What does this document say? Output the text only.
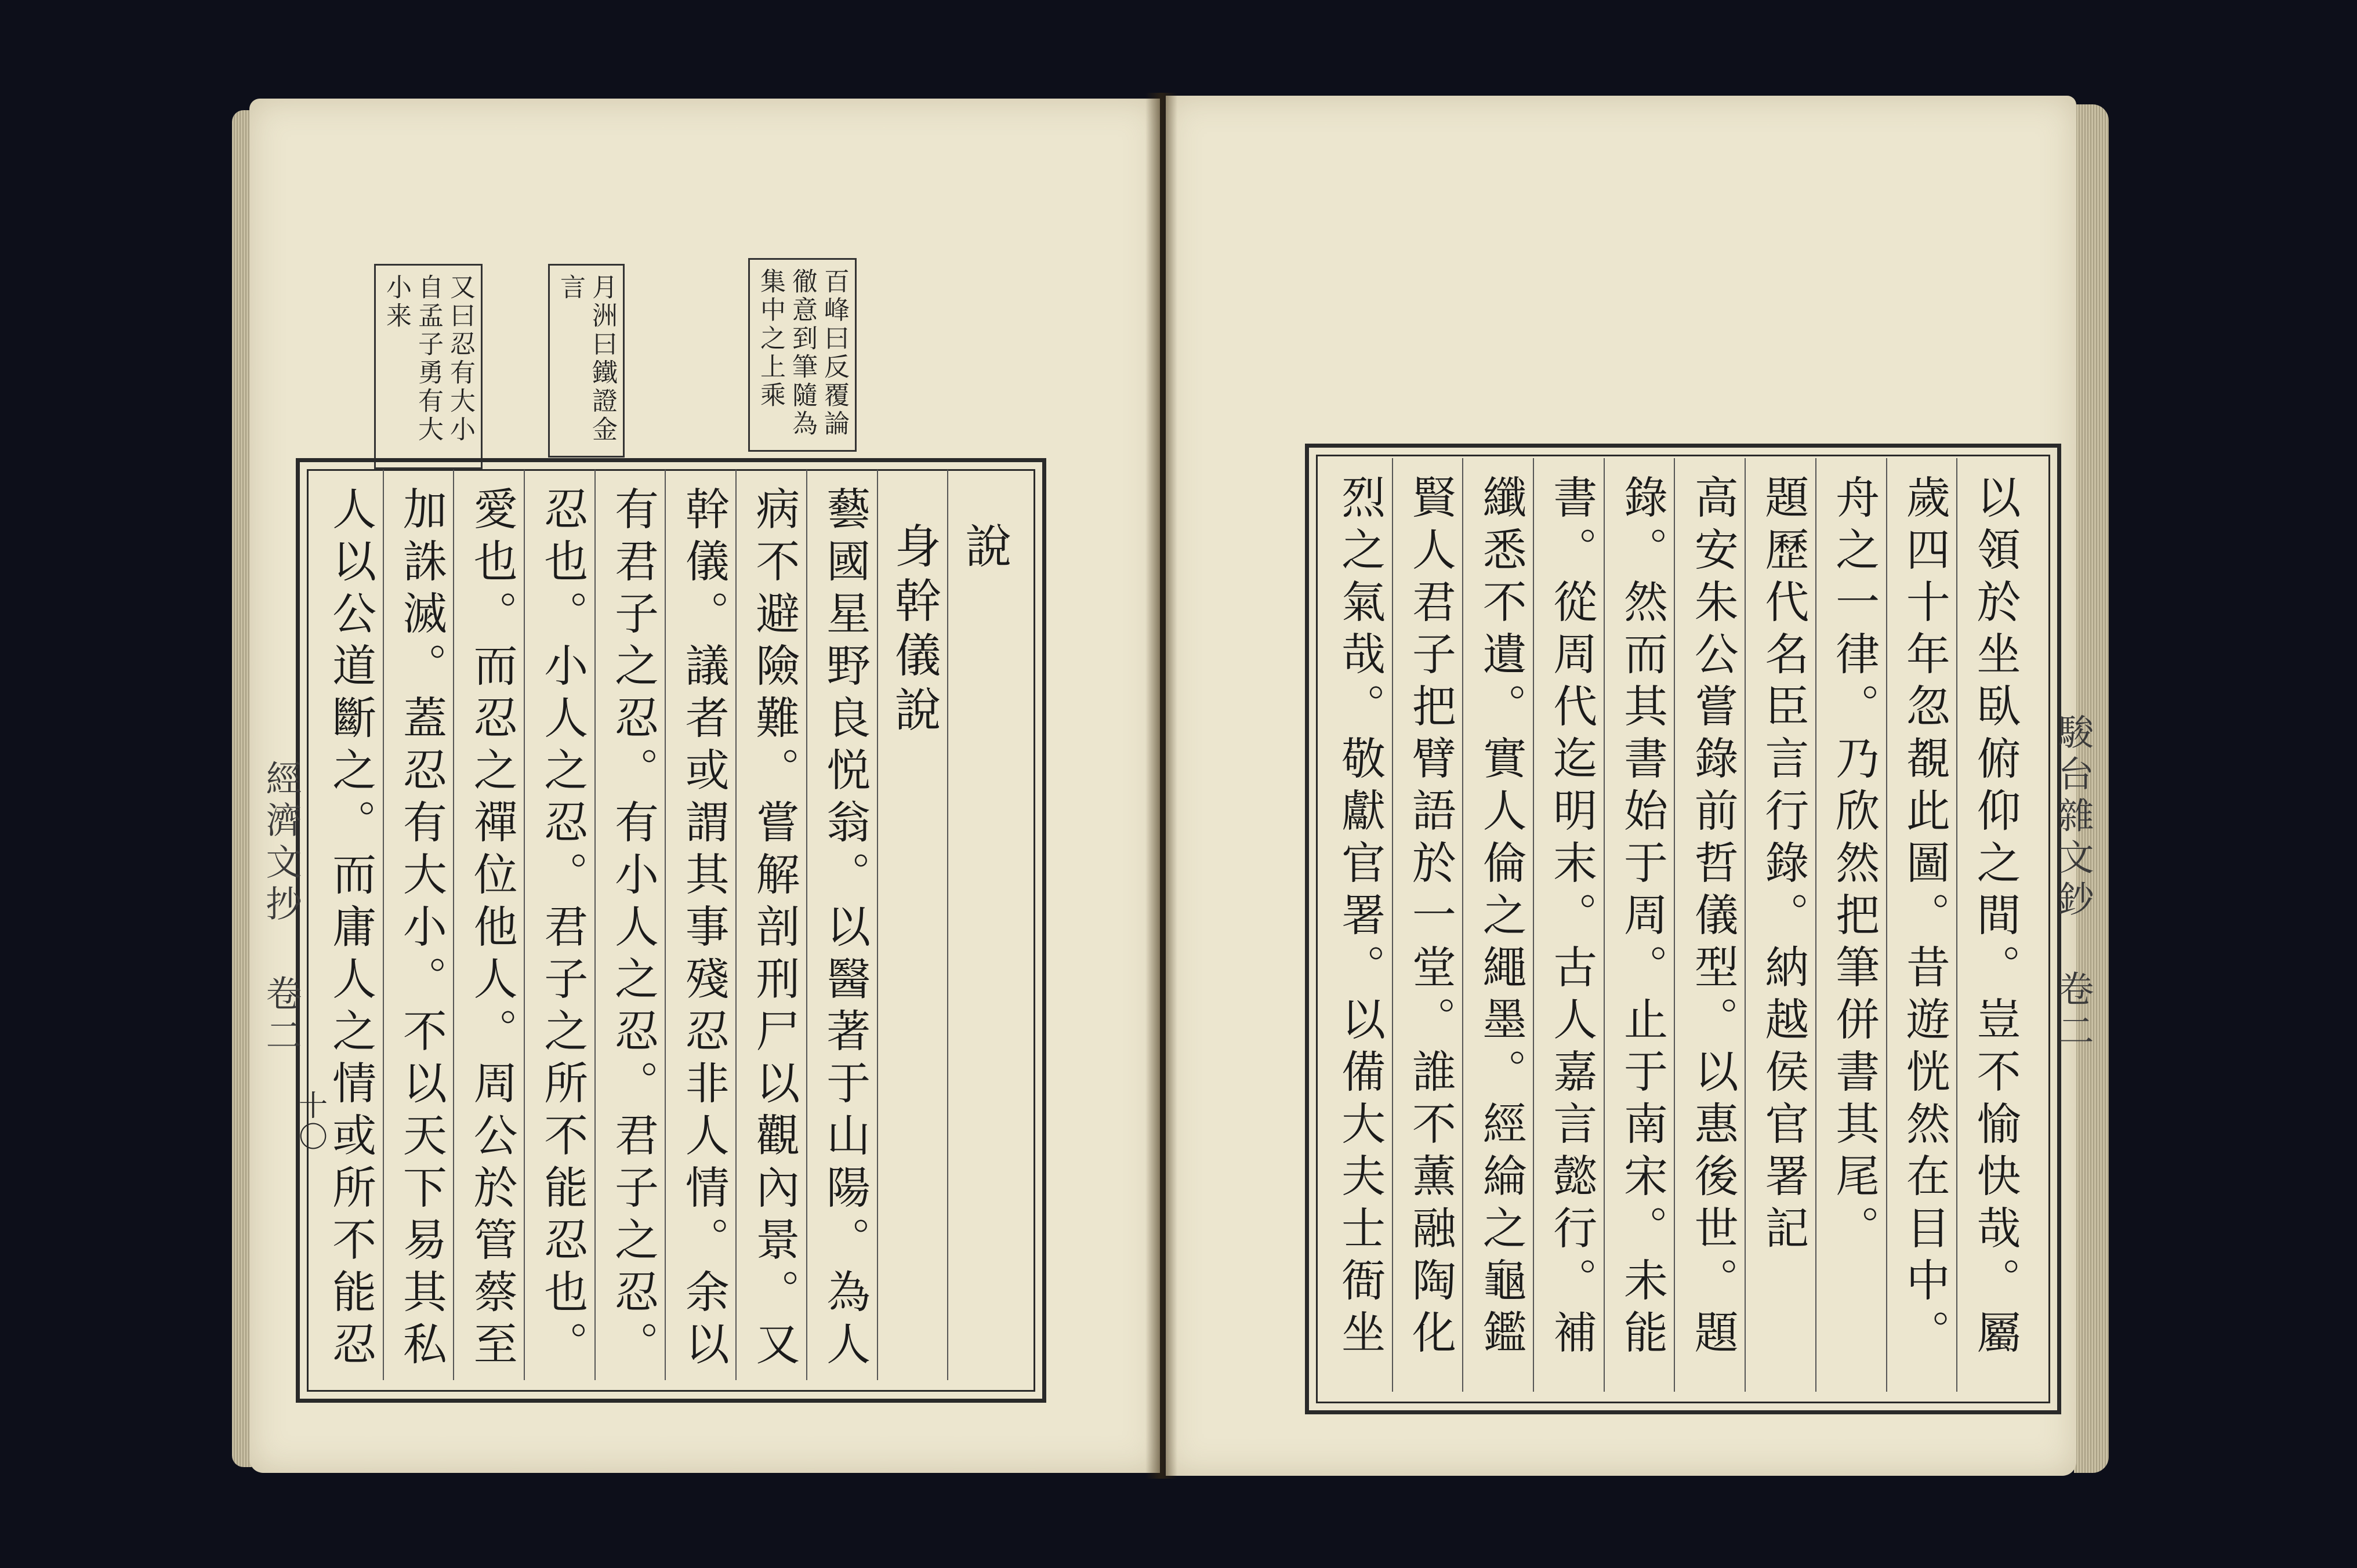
百峰曰反覆論徹意到筆隨為集中之上乘
月洲曰鐵證金言
又曰忍有大小自孟子勇有大小来
說
身幹儀說
藝國星野良悦翁。以醫著于山陽。為人
病不避險難。嘗解剖刑尸以觀內景。又
幹儀。議者或謂其事殘忍非人情。余以
有君子之忍。有小人之忍。君子之忍。
忍也。小人之忍。君子之所不能忍也。
愛也。而忍之禪位他人。周公於管蔡至
加誅滅。蓋忍有大小。不以天下易其私
人以公道斷之。而庸人之情或所不能忍
經濟文抄 卷二
十〇
以領於坐臥俯仰之間。豈不愉快哉。屬
歲四十年忽覩此圖。昔遊恍然在目中。
舟之一律。乃欣然把筆併書其尾。
題歷代名臣言行錄。納越侯官署記
高安朱公嘗錄前哲儀型。以惠後世。題
錄。然而其書始于周。止于南宋。未能
書。從周代迄明末。古人嘉言懿行。補
纖悉不遺。實人倫之繩墨。經綸之龜鑑
賢人君子把臂語於一堂。誰不薰融陶化
烈之氣哉。敬獻官署。以備大夫士衙坐
駿台雜文鈔 卷二
